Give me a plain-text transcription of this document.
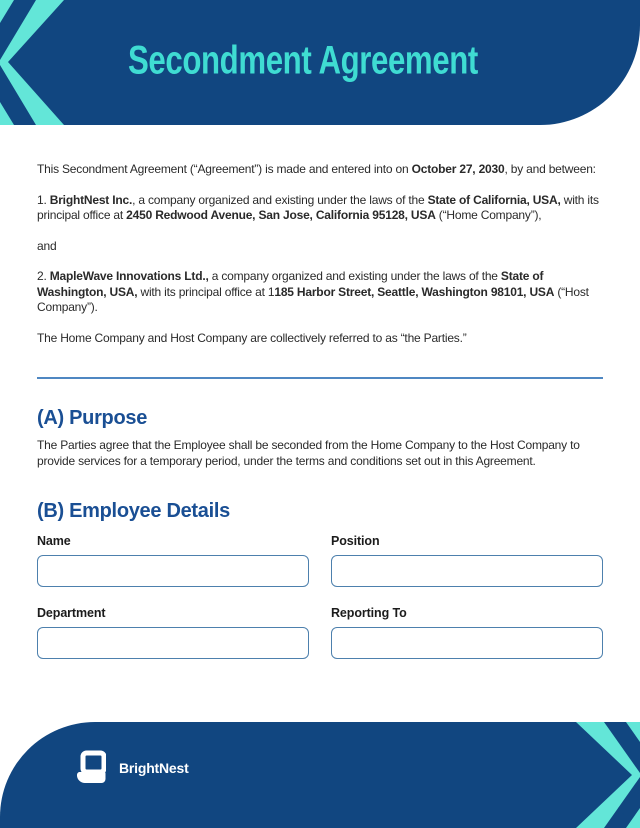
Secondment Agreement

This Secondment Agreement (“Agreement”) is made and entered into on October 27, 2030, by and between:

1. BrightNest Inc., a company organized and existing under the laws of the State of California, USA, with its principal office at 2450 Redwood Avenue, San Jose, California 95128, USA (“Home Company”),

and

2. MapleWave Innovations Ltd., a company organized and existing under the laws of the State of Washington, USA, with its principal office at 1185 Harbor Street, Seattle, Washington 98101, USA (“Host Company”).

The Home Company and Host Company are collectively referred to as “the Parties.”

(A) Purpose

The Parties agree that the Employee shall be seconded from the Home Company to the Host Company to provide services for a temporary period, under the terms and conditions set out in this Agreement.

(B) Employee Details
Name	Position
Department	Reporting To
BrightNest
1
